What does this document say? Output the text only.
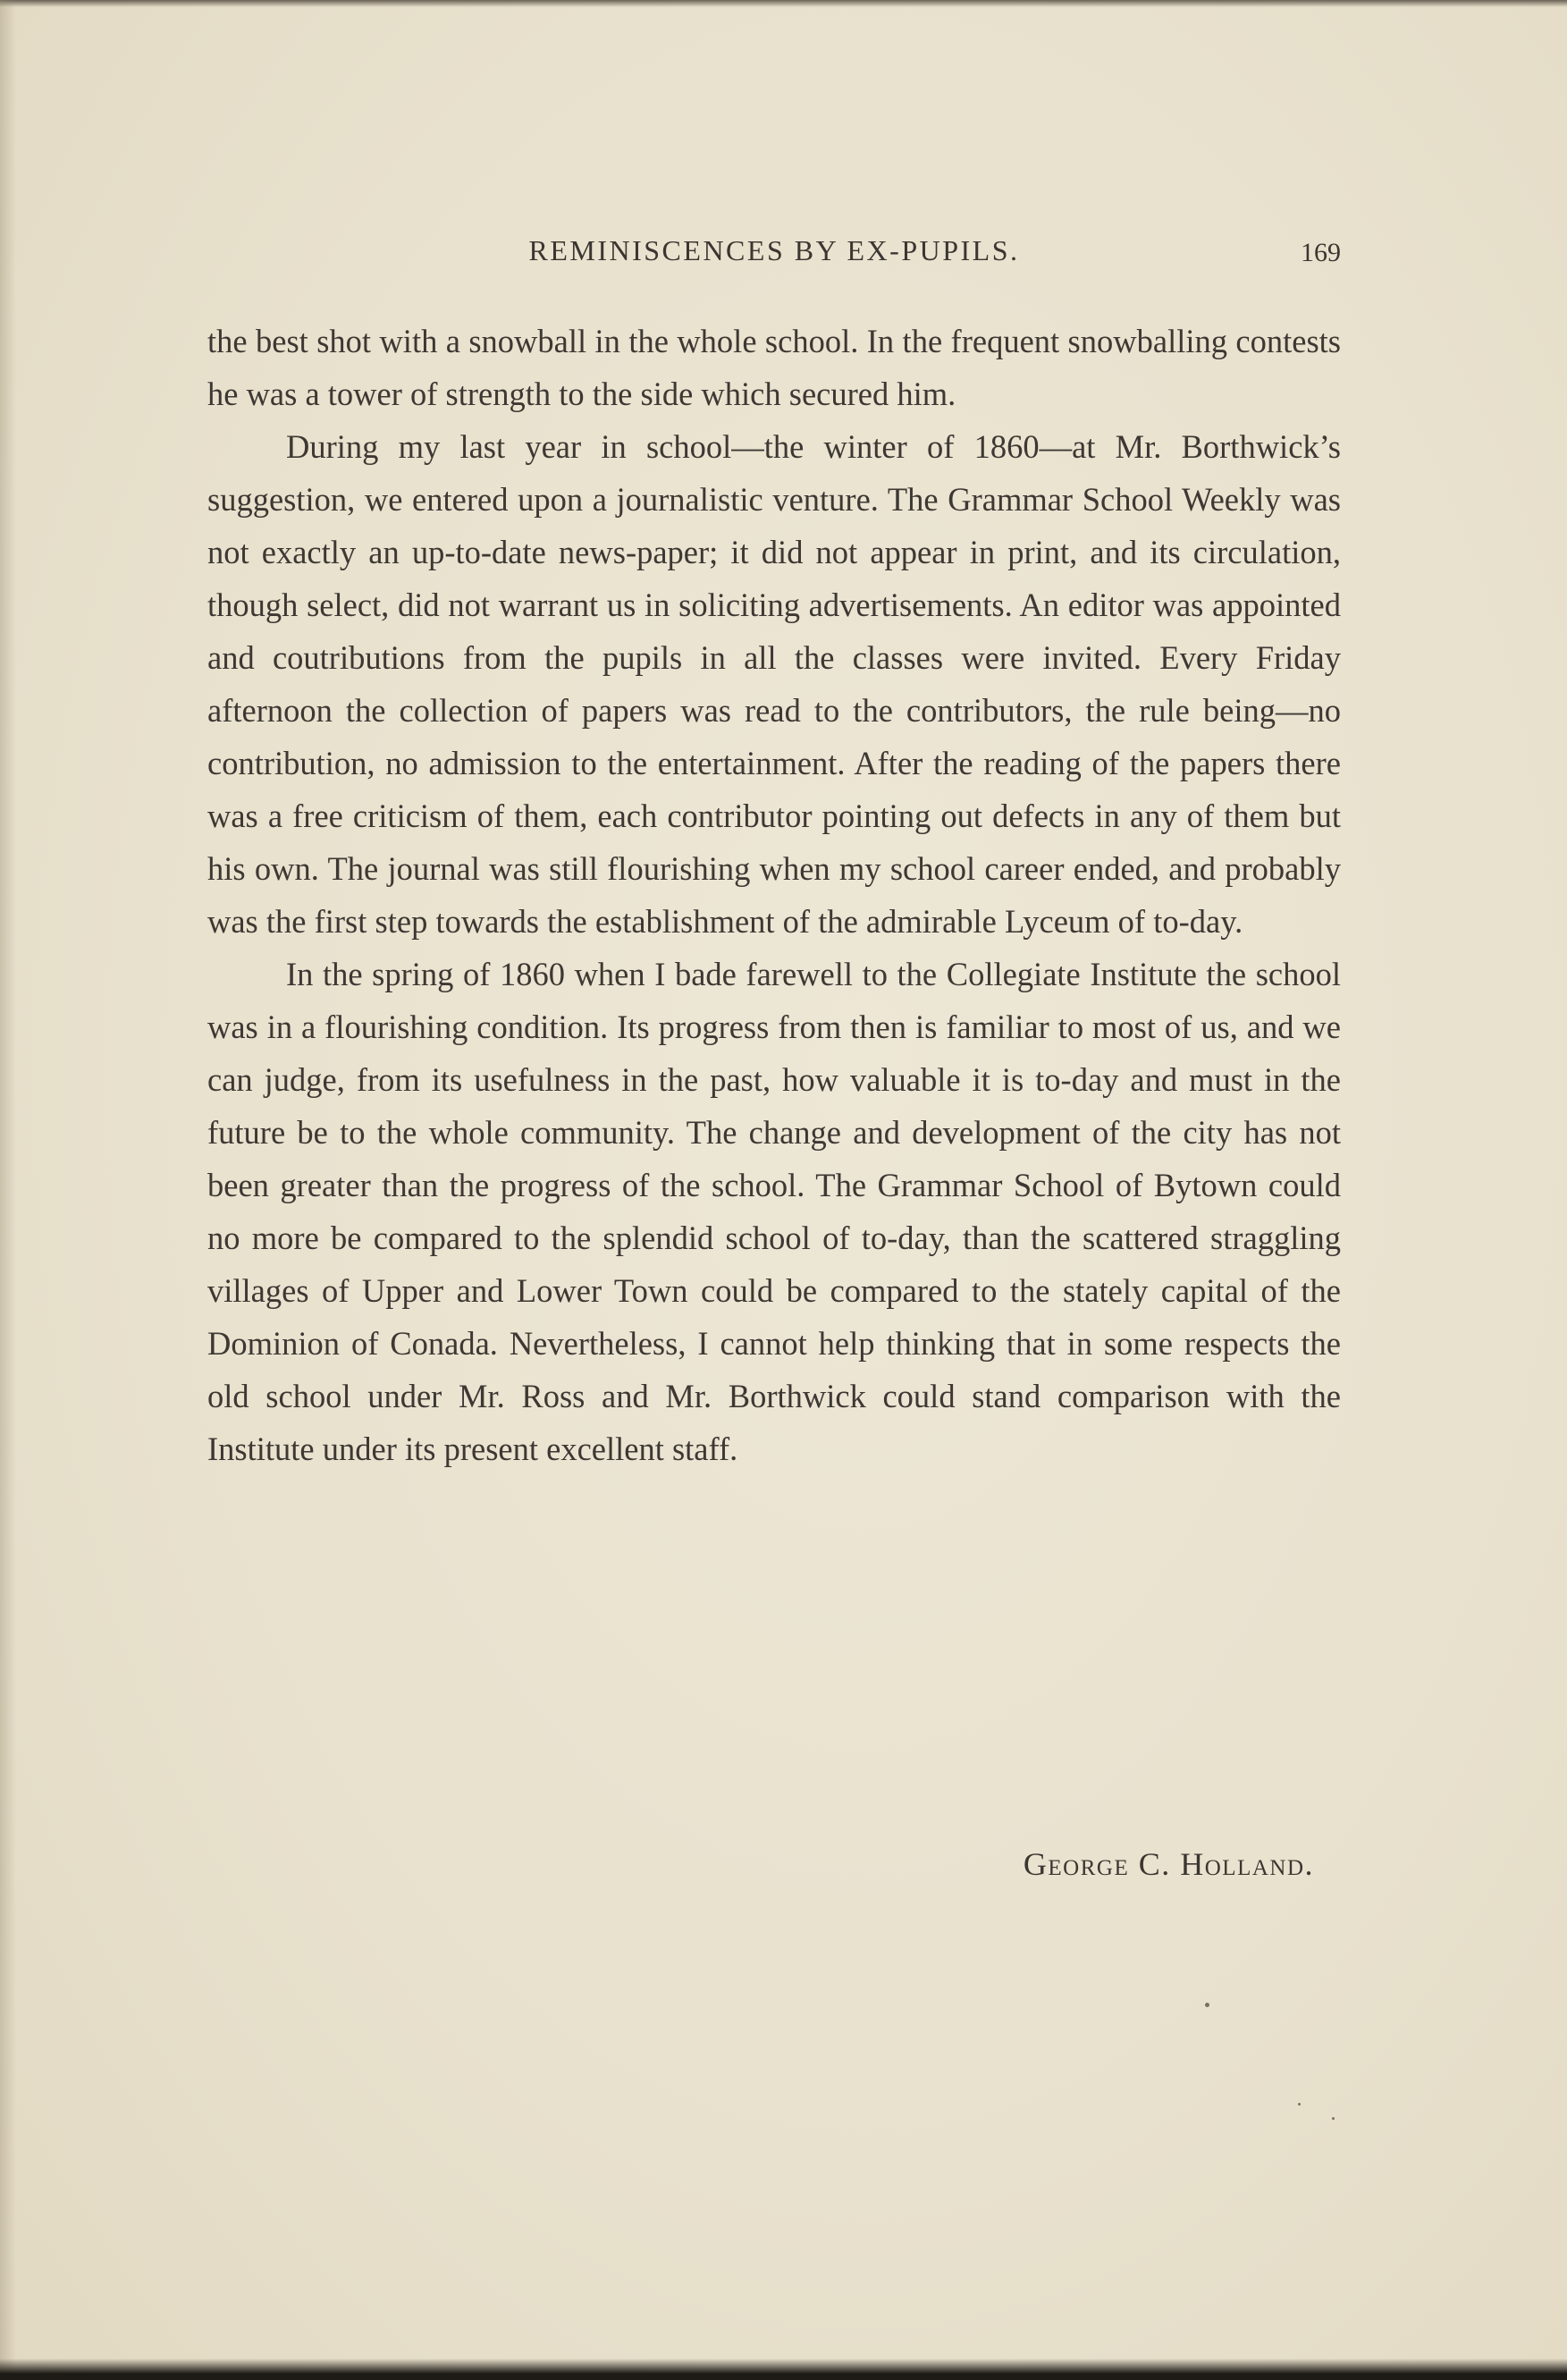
REMINISCENCES BY EX-PUPILS.	169

the best shot with a snowball in the whole school. In the frequent snowballing contests he was a tower of strength to the side which secured him.

During my last year in school—the winter of 1860—at Mr. Borthwick’s suggestion, we entered upon a journalistic venture. The Grammar School Weekly was not exactly an up-to-date news-paper; it did not appear in print, and its circulation, though select, did not warrant us in soliciting advertisements. An editor was appointed and coutributions from the pupils in all the classes were invited. Every Friday afternoon the collection of papers was read to the contributors, the rule being—no contribution, no admission to the entertainment. After the reading of the papers there was a free criticism of them, each contributor pointing out defects in any of them but his own. The journal was still flourishing when my school career ended, and probably was the first step towards the establishment of the admirable Lyceum of to-day.

In the spring of 1860 when I bade farewell to the Collegiate Institute the school was in a flourishing condition. Its progress from then is familiar to most of us, and we can judge, from its usefulness in the past, how valuable it is to-day and must in the future be to the whole community. The change and development of the city has not been greater than the progress of the school. The Grammar School of Bytown could no more be compared to the splendid school of to-day, than the scattered straggling villages of Upper and Lower Town could be compared to the stately capital of the Dominion of Conada. Nevertheless, I cannot help thinking that in some respects the old school under Mr. Ross and Mr. Borthwick could stand comparison with the Institute under its present excellent staff.

George C. Holland.
